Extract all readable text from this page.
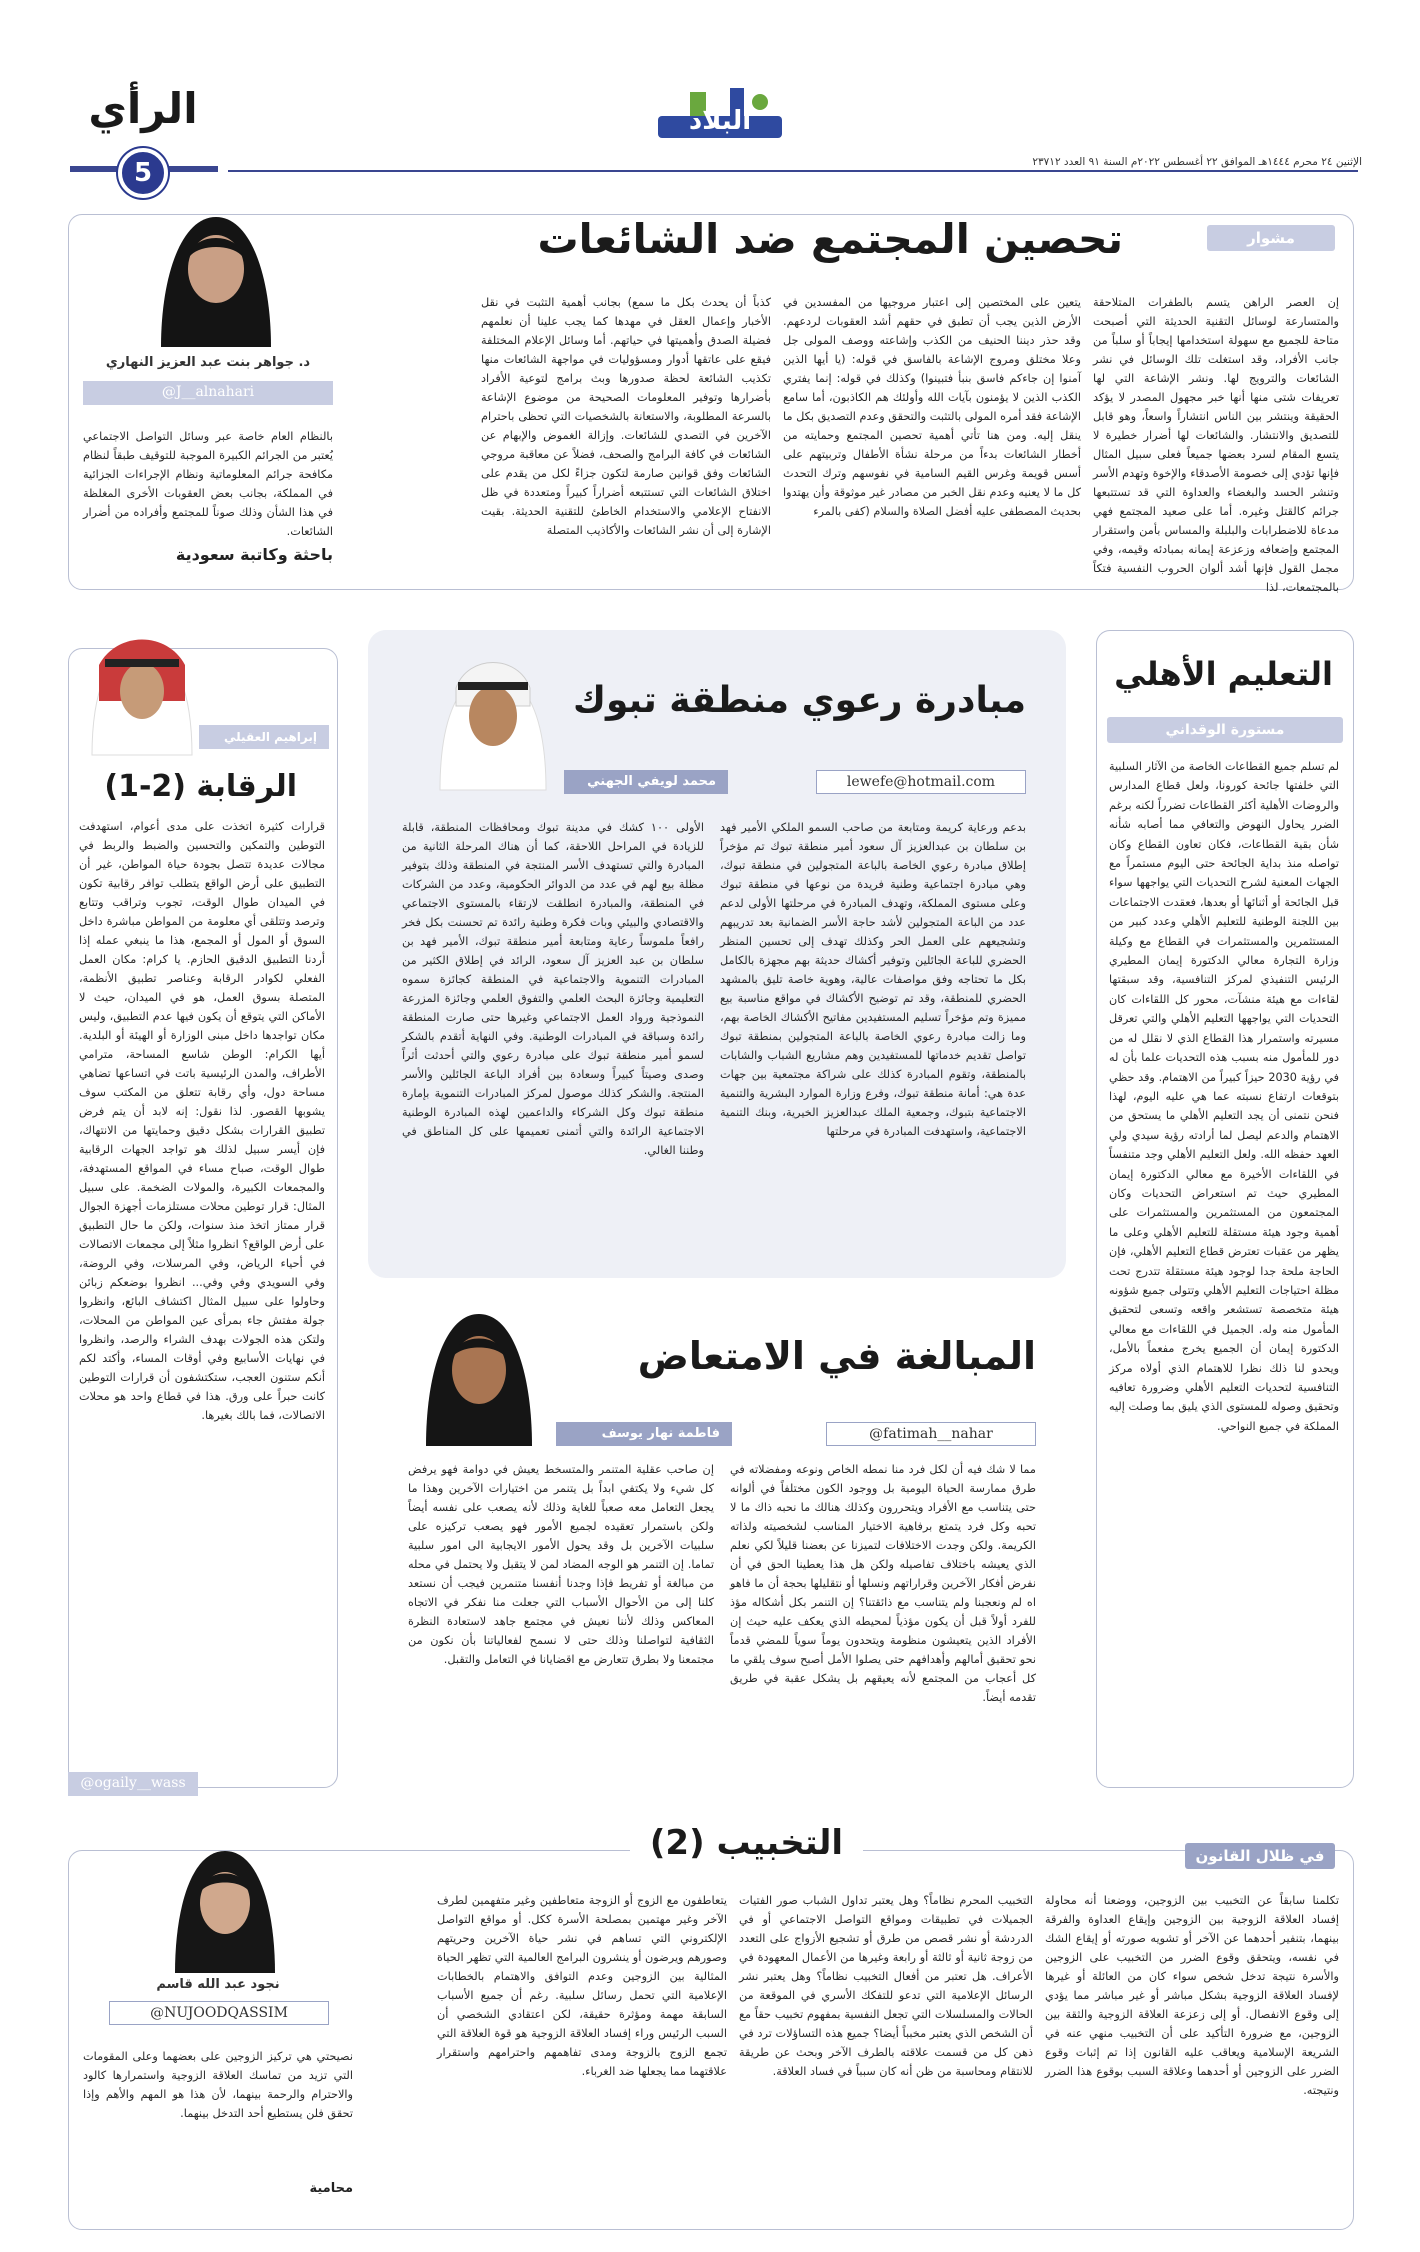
الرأي
5
البلاد
الإثنين ٢٤ محرم ١٤٤٤هـ الموافق ٢٢ أغسطس ٢٠٢٢م السنة ٩١ العدد ٢٣٧١٢
مشوار
تحصين المجتمع ضد الشائعات
إن العصر الراهن يتسم بالطفرات المتلاحقة والمتسارعة لوسائل التقنية الحديثة التي أصبحت متاحة للجميع مع سهولة استخدامها إيجاباً أو سلباً من جانب الأفراد، وقد استغلت تلك الوسائل في نشر الشائعات والترويج لها. ونشر الإشاعة التي لها تعريفات شتى منها أنها خبر مجهول المصدر لا يؤكد الحقيقة وينتشر بين الناس انتشاراً واسعاً، وهو قابل للتصديق والانتشار. والشائعات لها أضرار خطيرة لا يتسع المقام لسرد بعضها جميعاً فعلى سبيل المثال فإنها تؤدي إلى خصومة الأصدقاء والإخوة وتهدم الأسر وتنشر الحسد والبغضاء والعداوة التي قد تستتبعها جرائم كالقتل وغيره. أما على صعيد المجتمع فهي مدعاة للاضطرابات والبلبلة والمساس بأمن واستقرار المجتمع وإضعافه وزعزعة إيمانه بمبادئه وقيمه، وفي مجمل القول فإنها أشد ألوان الحروب النفسية فتكاً بالمجتمعات، لذا
يتعين على المختصين إلى اعتبار مروجيها من المفسدين في الأرض الذين يجب أن تطبق في حقهم أشد العقوبات لردعهم. وقد حذر ديننا الحنيف من الكذب وإشاعته ووصف المولى جل وعلا مختلق ومروج الإشاعة بالفاسق في قوله: (يا أيها الذين آمنوا إن جاءكم فاسق بنبأ فتبينوا) وكذلك في قوله: إنما يفتري الكذب الذين لا يؤمنون بآيات الله وأولئك هم الكاذبون، أما سامع الإشاعة فقد أمره المولى بالتثبت والتحقق وعدم التصديق بكل ما ينقل إليه. ومن هنا تأتي أهمية تحصين المجتمع وحمايته من أخطار الشائعات بدءاً من مرحلة نشأة الأطفال وتربيتهم على أسس قويمة وغرس القيم السامية في نفوسهم وترك التحدث كل ما لا يعنيه وعدم نقل الخبر من مصادر غير موثوقة وأن يهتدوا بحديث المصطفى عليه أفضل الصلاة والسلام (كفى بالمرء
كذباً أن يحدث بكل ما سمع) بجانب أهمية التثبت في نقل الأخبار وإعمال العقل في مهدها كما يجب علينا أن نعلمهم فضيلة الصدق وأهميتها في حياتهم. أما وسائل الإعلام المختلفة فيقع على عاتقها أدوار ومسؤوليات في مواجهة الشائعات منها تكذيب الشائعة لحظة صدورها وبث برامج لتوعية الأفراد بأضرارها وتوفير المعلومات الصحيحة من موضوع الإشاعة بالسرعة المطلوبة، والاستعانة بالشخصيات التي تحظى باحترام الآخرين في التصدي للشائعات. وإزالة الغموض والإبهام عن الشائعات في كافة البرامج والصحف، فضلاً عن معاقبة مروجي الشائعات وفق قوانين صارمة لتكون جزاءً لكل من يقدم على اختلاق الشائعات التي تستتبعه أضراراً كبيراً ومتعددة في ظل الانفتاح الإعلامي والاستخدام الخاطئ للتقنية الحديثة. بقيت الإشارة إلى أن نشر الشائعات والأكاذيب المتصلة
د. جواهر بنت عبد العزيز النهاري
@J__alnahari
بالنظام العام خاصة عبر وسائل التواصل الاجتماعي يُعتبر من الجرائم الكبيرة الموجبة للتوقيف طبقاً لنظام مكافحة جرائم المعلوماتية ونظام الإجراءات الجزائية في المملكة، بجانب بعض العقوبات الأخرى المغلظة في هذا الشأن وذلك صوناً للمجتمع وأفراده من أضرار الشائعات.
باحثة وكاتبة سعودية
التعليم الأهلي
مستورة الوقداني
لم تسلم جميع القطاعات الخاصة من الآثار السلبية التي خلفتها جائحة كورونا، ولعل قطاع المدارس والروضات الأهلية أكثر القطاعات تضرراً لكنه برغم الضرر يحاول النهوض والتعافي مما أصابه شأنه شأن بقية القطاعات، فكان تعاون القطاع وكان تواصله منذ بداية الجائحة حتى اليوم مستمراً مع الجهات المعنية لشرح التحديات التي يواجهها سواء قبل الجائحة أو أثنائها أو بعدها، فعقدت الاجتماعات بين اللجنة الوطنية للتعليم الأهلي وعدد كبير من المستثمرين والمستثمرات في القطاع مع وكيلة وزارة التجارة معالي الدكتورة إيمان المطيري الرئيس التنفيذي لمركز التنافسية، وقد سبقتها لقاءات مع هيئة منشآت، محور كل اللقاءات كان التحديات التي يواجهها التعليم الأهلي والتي تعرقل مسيرته واستمرار هذا القطاع الذي لا نقلل له من دور للمأمول منه بسبب هذه التحديات علما بأن له في رؤية 2030 حيزاً كبيراً من الاهتمام. وقد حظي بتوقعات ارتفاع نسبته عما هي عليه اليوم، لهذا فنحن نتمنى أن يجد التعليم الأهلي ما يستحق من الاهتمام والدعم ليصل لما أرادته رؤية سيدي ولي العهد حفظه الله. ولعل التعليم الأهلي وجد متنفساً في اللقاءات الأخيرة مع معالي الدكتورة إيمان المطيري حيث تم استعراض التحديات وكان المجتمعون من المستثمرين والمستثمرات على أهمية وجود هيئة مستقلة للتعليم الأهلي وعلى ما يظهر من عقبات تعترض قطاع التعليم الأهلي، فإن الحاجة ملحة جدا لوجود هيئة مستقلة تتدرج تحت مظلة احتياجات التعليم الأهلي وتتولى جميع شؤونه هيئة متخصصة تستشعر واقعه وتسعى لتحقيق المأمول منه وله. الجميل في اللقاءات مع معالي الدكتورة إيمان أن الجميع يخرج مفعماً بالأمل، ويحدو لنا ذلك نظرا للاهتمام الذي أولاه مركز التنافسية لتحديات التعليم الأهلي وضرورة تعافيه وتحقيق وصوله للمستوى الذي يليق بما وصلت إليه المملكة في جميع النواحي.
مبادرة رعوي منطقة تبوك
محمد لويفي الجهني	lewefe@hotmail.com
بدعم ورعاية كريمة ومتابعة من صاحب السمو الملكي الأمير فهد بن سلطان بن عبدالعزيز آل سعود أمير منطقة تبوك تم مؤخراً إطلاق مبادرة رعوي الخاصة بالباعة المتجولين في منطقة تبوك، وهي مبادرة اجتماعية وطنية فريدة من نوعها في منطقة تبوك وعلى مستوى المملكة، وتهدف المبادرة في مرحلتها الأولى لدعم عدد من الباعة المتجولين لأشد حاجة الأسر الضمانية بعد تدريبهم وتشجيعهم على العمل الحر وكذلك تهدف إلى تحسين المنظر الحضري للباعة الجائلين وتوفير أكشاك حديثة بهم مجهزة بالكامل بكل ما تحتاجه وفق مواصفات عالية، وهوية خاصة تليق بالمشهد الحضري للمنطقة، وقد تم توضيح الأكشاك في مواقع مناسبة بيع مميزة وتم مؤخراً تسليم المستفيدين مفاتيح الأكشاك الخاصة بهم، وما زالت مبادرة رعوي الخاصة بالباعة المتجولين بمنطقة تبوك تواصل تقديم خدماتها للمستفيدين وهم مشاريع الشباب والشابات بالمنطقة، وتقوم المبادرة كذلك على شراكة مجتمعية بين جهات عدة هي: أمانة منطقة تبوك، وفرع وزارة الموارد البشرية والتنمية الاجتماعية بتبوك، وجمعية الملك عبدالعزيز الخيرية، وبنك التنمية الاجتماعية، واستهدفت المبادرة في مرحلتها
الأولى ١٠٠ كشك في مدينة تبوك ومحافظات المنطقة، قابلة للزيادة في المراحل اللاحقة، كما أن هناك المرحلة الثانية من المبادرة والتي تستهدف الأسر المنتجة في المنطقة وذلك بتوفير مظلة بيع لهم في عدد من الدوائر الحكومية، وعدد من الشركات في المنطقة، والمبادرة انطلقت لارتقاء بالمستوى الاجتماعي والاقتصادي والبيئي وبات فكرة وطنية رائدة تم تحسنت بكل فخر رافعاً ملموساً رعاية ومتابعة أمير منطقة تبوك، الأمير فهد بن سلطان بن عبد العزيز آل سعود، الرائد في إطلاق الكثير من المبادرات التنموية والاجتماعية في المنطقة كجائزة سموه التعليمية وجائزة البحث العلمي والتفوق العلمي وجائزة المزرعة النموذجية ورواد العمل الاجتماعي وغيرها حتى صارت المنطقة رائدة وسباقة في المبادرات الوطنية. وفي النهاية أتقدم بالشكر لسمو أمير منطقة تبوك على مبادرة رعوي والتي أحدثت أثراً وصدى وصيتاً كبيراً وسعادة بين أفراد الباعة الجائلين والأسر المنتجة. والشكر كذلك موصول لمركز المبادرات التنموية بإمارة منطقة تبوك وكل الشركاء والداعمين لهذه المبادرة الوطنية الاجتماعية الرائدة والتي أتمنى تعميمها على كل المناطق في وطننا الغالي.
إبراهيم العقيلي
الرقابة (2-1)
قرارات كثيرة اتخذت على مدى أعوام، استهدفت التوطين والتمكين والتحسين والضبط والربط في مجالات عديدة تتصل بجودة حياة المواطن، غير أن التطبيق على أرض الواقع يتطلب توافر رقابية تكون في الميدان طوال الوقت، تجوب وتراقب وتتابع وترصد وتتلقى أي معلومة من المواطن مباشرة داخل السوق أو المول أو المجمع، هذا ما ينبغي عمله إذا أردنا التطبيق الدقيق الحازم. يا كرام: مكان العمل الفعلي لكوادر الرقابة وعناصر تطبيق الأنظمة، المتصلة بسوق العمل، هو في الميدان، حيث لا الأماكن التي يتوقع أن يكون فيها عدم التطبيق، وليس مكان تواجدها داخل مبنى الوزارة أو الهيئة أو البلدية. أيها الكرام: الوطن شاسع المساحة، مترامي الأطراف، والمدن الرئيسية باتت في اتساعها تضاهي مساحة دول، وأي رقابة تتعلق من المكتب سوف يشوبها القصور. لذا نقول: إنه لابد أن يتم فرض تطبيق القرارات بشكل دقيق وحمايتها من الانتهاك، فإن أيسر سبيل لذلك هو تواجد الجهات الرقابية طوال الوقت، صباح مساء في المواقع المستهدفة، والمجمعات الكبيرة، والمولات الضخمة. على سبيل المثال: قرار توطين محلات مستلزمات أجهزة الجوال قرار ممتاز اتخذ منذ سنوات، ولكن ما حال التطبيق على أرض الواقع؟ انظروا مثلاً إلى مجمعات الاتصالات في أحياء الرياض، وفي المرسلات، وفي الروضة، وفي السويدي وفي وفي... انظروا بوضعكم زبائن وحاولوا على سبيل المثال اكتشاف البائع، وانظروا جولة مفتش جاء بمرأى عين المواطن من المحلات، ولتكن هذه الجولات بهدف الشراء والرصد، وانظروا في نهايات الأسابيع وفي أوقات المساء، وأكتد لكم أنكم ستنون العجب، ستكتشفون أن قرارات التوطين كانت حبراً على ورق. هذا في قطاع واحد هو محلات الاتصالات، فما بالك بغيرها.
@ogaily__wass
المبالغة في الامتعاض
فاطمة نهار يوسف	@fatimah__nahar
مما لا شك فيه أن لكل فرد منا نمطه الخاص ونوعه ومفضلاته في طرق ممارسة الحياة اليومية بل ووجود الكون مختلفاً في ألوانه حتى يتناسب مع الأفراد ويتحررون وكذلك هنالك ما نحبه ذاك ما لا تحبه وكل فرد يتمتع برفاهية الاختيار المناسب لشخصيته ولذاته الكريمة. ولكن وجدت الاختلافات لتميزنا عن بعضنا قليلاً لكي نعلم الذي يعيشه باختلاف تفاصيله ولكن هل هذا يعطينا الحق في أن نفرض أفكار الآخرين وقراراتهم ونسلها أو نتقليلها بحجة أن ما فاهو اه لم ونعجبنا ولم يتناسب مع ذائقتنا؟ إن التنمر بكل أشكاله مؤذ للفرد أولاً قبل أن يكون مؤذياً لمحيطه الذي يعكف عليه حيث إن الأفراد الذين يتعيشون منظومة ويتحدون يوماً سوياً للمضي قدماً نحو تحقيق أمالهم وأهدافهم حتى يصلوا الأمل أصبح سوف يلقي ما كل أعجاب من المجتمع لأنه يعيقهم بل يشكل عقبة في طريق تقدمه أيضاً.
إن صاحب عقلية المتنمر والمتسخط يعيش في دوامة فهو يرفض كل شيء ولا يكتفي ابداً بل يتنمر من اختيارات الآخرين وهذا ما يجعل التعامل معه صعباً للغاية وذلك لأنه يصعب على نفسه أيضاً ولكن باستمرار تعقيده لجميع الأمور فهو يصعب تركيزه على سلبيات الآخرين بل وقد يحول الأمور الايجابية الى امور سلبية تماما. إن التنمر هو الوجه المضاد لمن لا يتقبل ولا يحتمل في محله من مبالغة أو تفريط فإذا وجدنا أنفسنا متنمرين فيجب أن نستعد كلنا إلى من الأحوال الأسباب التي جعلت منا نفكر في الاتجاه المعاكس وذلك لأننا نعيش في مجتمع جاهد لاستعادة النظرة الثقافية لتواصلنا وذلك حتى لا نسمح لفعالياتنا بأن نكون من مجتمعنا ولا بطرق تتعارض مع اقضايانا في التعامل والتقبل.
في ظلال القانون
التخبيب (2)
تكلمنا سابقاً عن التخبيب بين الزوجين، ووضعنا أنه محاولة إفساد العلاقة الزوجية بين الزوجين وإيقاع العداوة والفرقة بينهما، بتنفير أحدهما عن الآخر أو تشويه صورته أو إيقاع الشك في نفسه، ويتحقق وقوع الضرر من التخبيب على الزوجين والأسرة نتيجة تدخل شخص سواء كان من العائلة أو غيرها لإفساد العلاقة الزوجية بشكل مباشر أو غير مباشر مما يؤدي إلى وقوع الانفصال. أو إلى زعزعة العلاقة الزوجية والثقة بين الزوجين، مع ضرورة التأكيد على أن التخبيب منهي عنه في الشريعة الإسلامية ويعاقب عليه القانون إذا تم إثبات وقوع الضرر على الزوجين أو أحدهما وعلاقة السبب بوقوع هذا الضرر ونتيجته.
التخبيب المحرم نظاماً؟ وهل يعتبر تداول الشباب صور الفتيات الجميلات في تطبيقات ومواقع التواصل الاجتماعي أو في الدردشة أو نشر قصص من طرق أو تشجيع الأزواج على التعدد من زوجة ثانية أو ثالثة أو رابعة وغيرها من الأعمال المعهودة في الأعراف. هل تعتبر من أفعال التخبيب نظاماً؟ وهل يعتبر نشر الرسائل الإعلامية التي تدعو للتفكك الأسري في الموقعة من الحالات والمسلسلات التي تجعل النفسية بمفهوم تخبيب حقاً مع أن الشخص الذي يعتبر مخبباً أيضا؟ جميع هذه التساؤلات ترد في ذهن كل من قسمت علاقته بالطرف الآخر وبحث عن طريقة للانتقام ومحاسبة من ظن أنه كان سبباً في فساد العلاقة.
يتعاطفون مع الزوج أو الزوجة متعاطفين وغير متفهمين لطرف الآخر وغير مهتمين بمصلحة الأسرة ككل. أو مواقع التواصل الإلكتروني التي تساهم في نشر حياة الآخرين وحريتهم وصورهم ويرضون أو ينشرون البرامج العالمية التي تظهر الحياة المثالية بين الزوجين وعدم التوافق والاهتمام بالخطابات الإعلامية التي تحمل رسائل سلبية. رغم أن جميع الأسباب السابقة مهمة ومؤثرة حقيقة، لكن اعتقادي الشخصي أن السبب الرئيس وراء إفساد العلاقة الزوجية هو قوة العلاقة التي تجمع الزوج بالزوجة ومدى تفاهمهم واحترامهم واستقرار علاقتهما مما يجعلها ضد الغرباء.
نجود عبد الله قاسم
@NUJOODQASSIM
نصيحتي هي تركيز الزوجين على بعضهما وعلى المقومات التي تزيد من تماسك العلاقة الزوجية واستمرارها كالود والاحترام والرحمة بينهما، لأن هذا هو المهم والأهم وإذا تحقق فلن يستطيع أحد التدخل بينهما.
محامية
